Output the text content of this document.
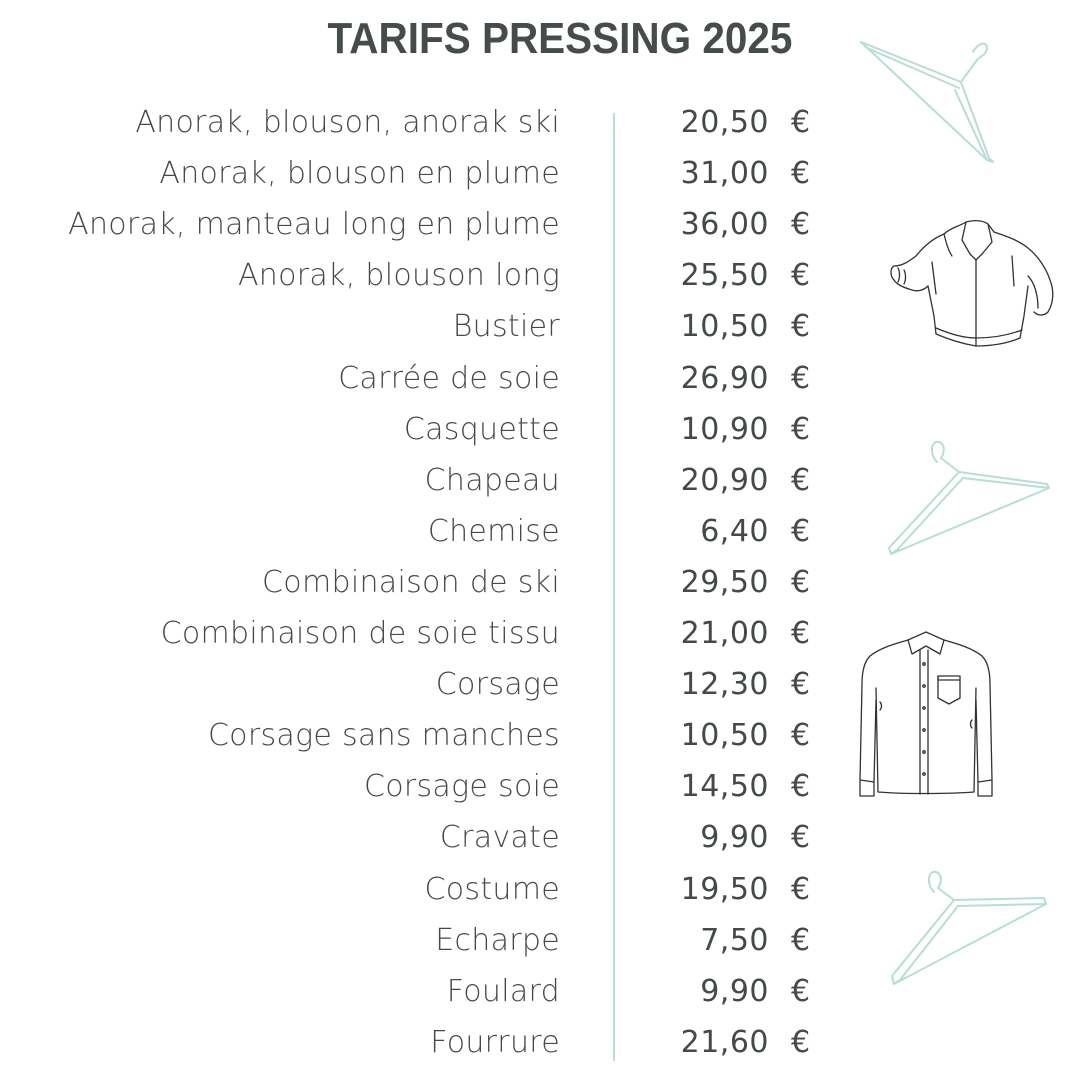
TARIFS PRESSING 2025
Anorak, blouson, anorak ski	20,50 €
Anorak, blouson en plume	31,00 €
Anorak, manteau long en plume	36,00 €
Anorak, blouson long	25,50 €
Bustier	10,50 €
Carrée de soie	26,90 €
Casquette	10,90 €
Chapeau	20,90 €
Chemise	6,40 €
Combinaison de ski	29,50 €
Combinaison de soie tissu	21,00 €
Corsage	12,30 €
Corsage sans manches	10,50 €
Corsage soie	14,50 €
Cravate	9,90 €
Costume	19,50 €
Echarpe	7,50 €
Foulard	9,90 €
Fourrure	21,60 €
